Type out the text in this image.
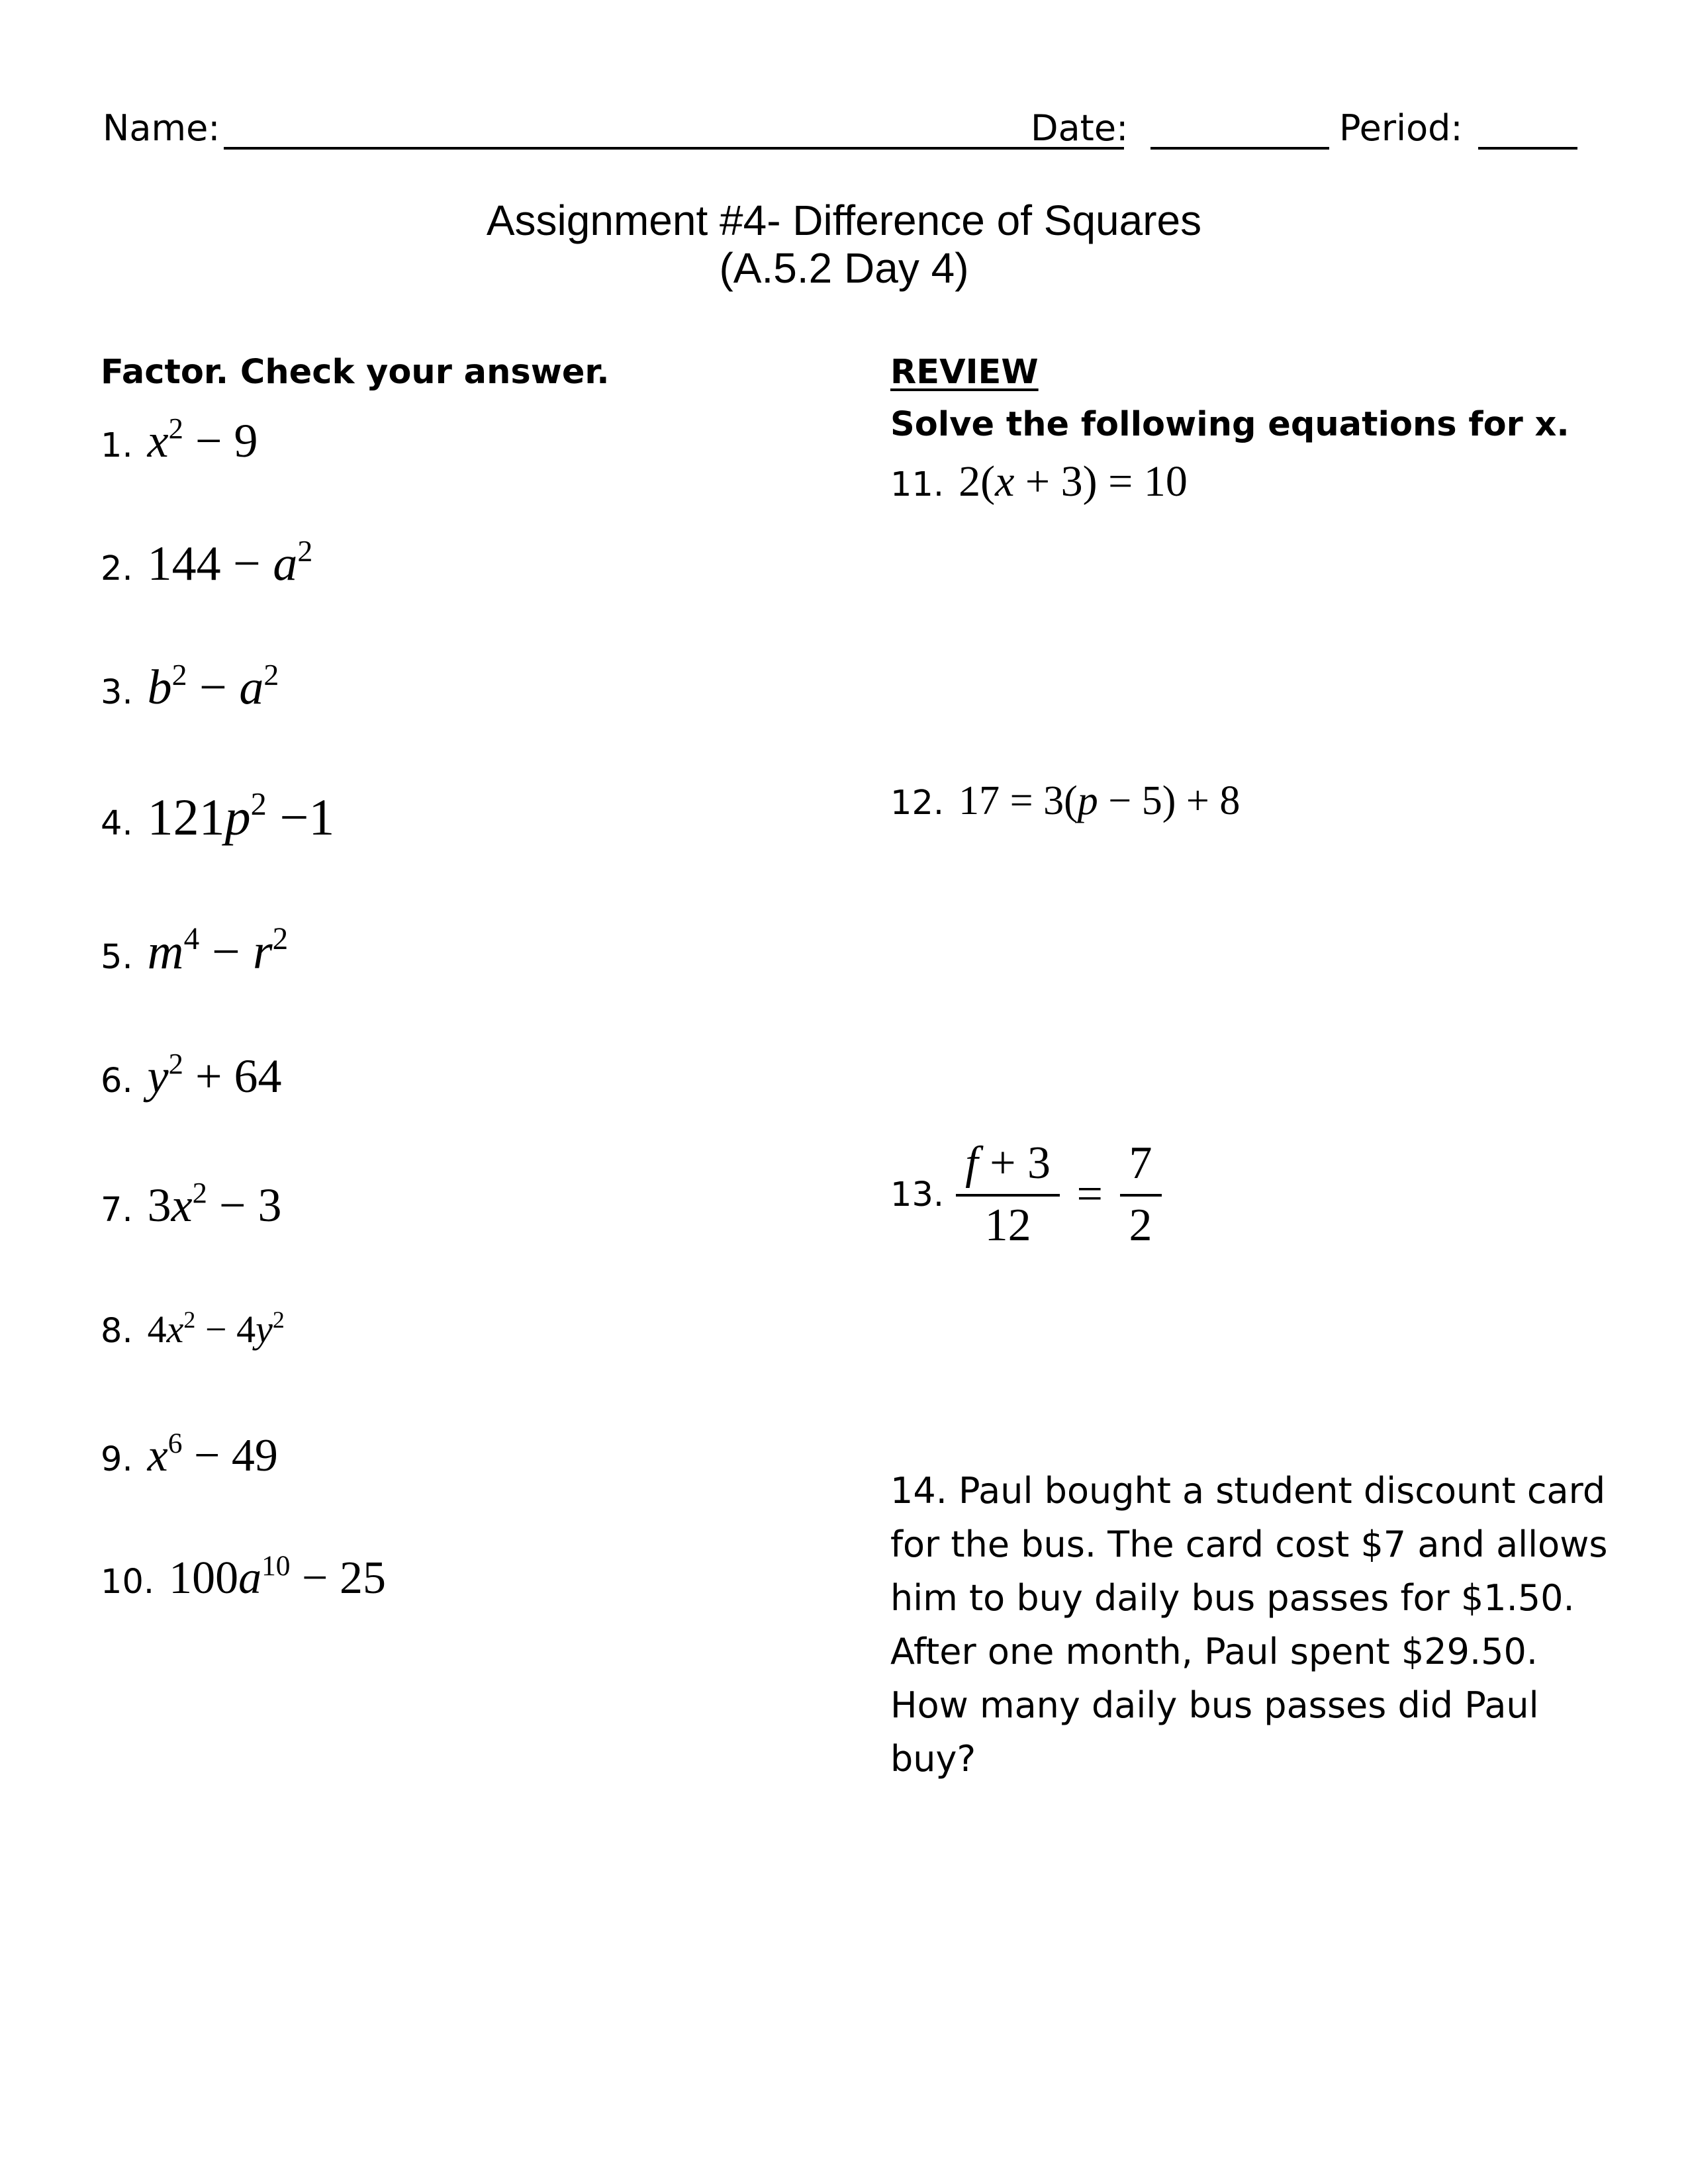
Name:	Date:	Period:
Assignment #4- Difference of Squares
(A.5.2 Day 4)
Factor. Check your answer.	REVIEW
Solve the following equations for x.
1. $x^2 - 9$
2. $144 - a^2$
3. $b^2 - a^2$
4. $121p^2 -1$
5. $m^4 - r^2$
6. $y^2 + 64$
7. $3x^2 - 3$
8. $4x^2 - 4y^2$
9. $x^6 - 49$
10. $100a^{10} - 25$
11. 2(x + 3) = 10
12. 17 = 3(p − 5) + 8
13. $\frac{f + 3}{12} = \frac{7}{2}$
14. Paul bought a student discount card for the bus. The card cost $7 and allows him to buy daily bus passes for $1.50. After one month, Paul spent $29.50. How many daily bus passes did Paul buy?
